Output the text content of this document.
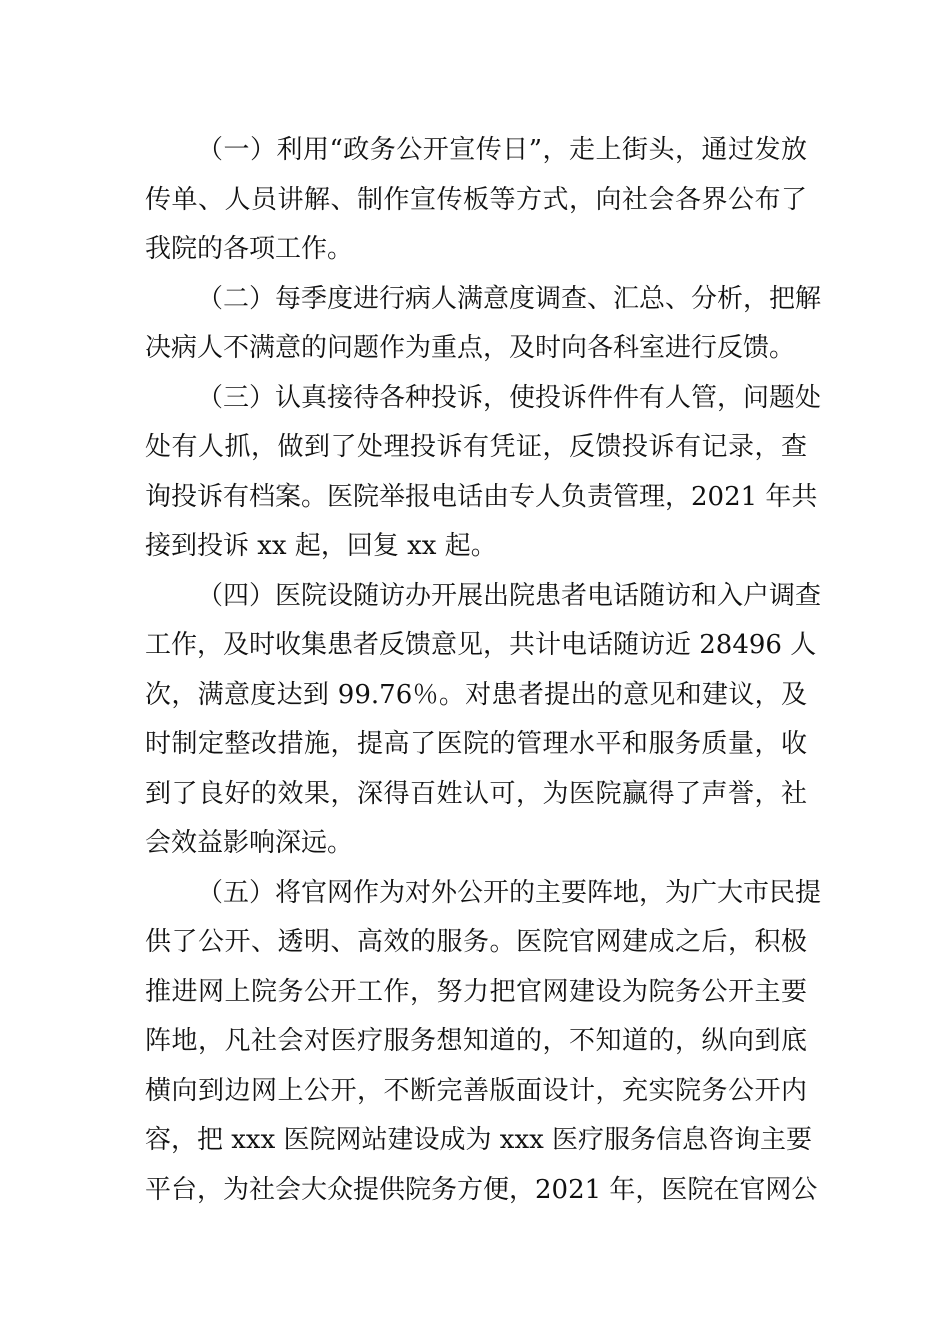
（一）利用“政务公开宣传日”，走上街头，通过发放
传单、人员讲解、制作宣传板等方式，向社会各界公布了
我院的各项工作。
（二）每季度进行病人满意度调查、汇总、分析，把解
决病人不满意的问题作为重点，及时向各科室进行反馈。
（三）认真接待各种投诉，使投诉件件有人管，问题处
处有人抓，做到了处理投诉有凭证，反馈投诉有记录，查
询投诉有档案。医院举报电话由专人负责管理，2021 年共
接到投诉 xx 起，回复 xx 起。
（四）医院设随访办开展出院患者电话随访和入户调查
工作，及时收集患者反馈意见，共计电话随访近 28496 人
次，满意度达到 99.76％。对患者提出的意见和建议，及
时制定整改措施，提高了医院的管理水平和服务质量，收
到了良好的效果，深得百姓认可，为医院赢得了声誉，社
会效益影响深远。
（五）将官网作为对外公开的主要阵地，为广大市民提
供了公开、透明、高效的服务。医院官网建成之后，积极
推进网上院务公开工作，努力把官网建设为院务公开主要
阵地，凡社会对医疗服务想知道的，不知道的，纵向到底
横向到边网上公开，不断完善版面设计，充实院务公开内
容，把 xxx 医院网站建设成为 xxx 医疗服务信息咨询主要
平台，为社会大众提供院务方便，2021 年，医院在官网公
